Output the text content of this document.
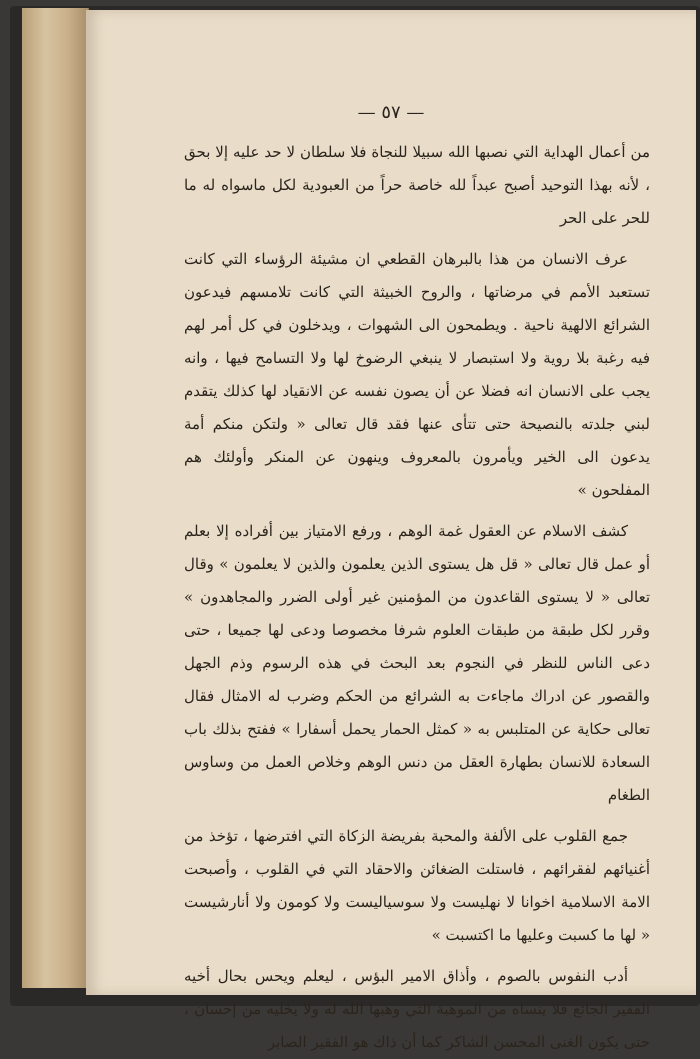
— ٥٧ —

من أعمال الهداية التي نصبها الله سبيلا للنجاة فلا سلطان لا حد عليه إلا بحق ، لأنه بهذا التوحيد أصبح عبداً لله خاصة حراً من العبودية لكل ماسواه له ما للحر على الحر

عرف الانسان من هذا بالبرهان القطعي ان مشيئة الرؤساء التي كانت تستعبد الأمم في مرضاتها ، والروح الخبيثة التي كانت تلامسهم فيدعون الشرائع الالهية ناحية . ويطمحون الى الشهوات ، ويدخلون في كل أمر لهم فيه رغبة بلا روية ولا استبصار لا ينبغي الرضوخ لها ولا التسامح فيها ، وانه يجب على الانسان انه فضلا عن أن يصون نفسه عن الانقياد لها كذلك يتقدم لبني جلدته بالنصيحة حتى تتأى عنها فقد قال تعالى « ولتكن منكم أمة يدعون الى الخير ويأمرون بالمعروف وينهون عن المنكر وأولئك هم المفلحون »

كشف الاسلام عن العقول غمة الوهم ، ورفع الامتياز بين أفراده إلا بعلم أو عمل قال تعالى « قل هل يستوى الذين يعلمون والذين لا يعلمون » وقال تعالى « لا يستوى القاعدون من المؤمنين غير أولى الضرر والمجاهدون » وقرر لكل طبقة من طبقات العلوم شرفا مخصوصا ودعى لها جميعا ، حتى دعى الناس للنظر في النجوم بعد البحث في هذه الرسوم وذم الجهل والقصور عن ادراك ماجاءت به الشرائع من الحكم وضرب له الامثال فقال تعالى حكاية عن المتلبس به « كمثل الحمار يحمل أسفارا » ففتح بذلك باب السعادة للانسان بطهارة العقل من دنس الوهم وخلاص العمل من وساوس الطغام

جمع القلوب على الألفة والمحبة بفريضة الزكاة التي افترضها ، تؤخذ من أغنيائهم لفقرائهم ، فاستلت الضغائن والاحقاد التي في القلوب ، وأصبحت الامة الاسلامية اخوانا لا نهليست ولا سوسياليست ولا كومون ولا أنارشيست « لها ما كسبت وعليها ما اكتسبت »

أدب النفوس بالصوم ، وأذاق الامير البؤس ، ليعلم ويحس بحال أخيه الفقير الجائع فلا ينساه من الموهبة التي وهبها الله له ولا يخليه من إحسان ، حتى يكون الغنى المحسن الشاكر كما أن ذاك هو الفقير الصابر
